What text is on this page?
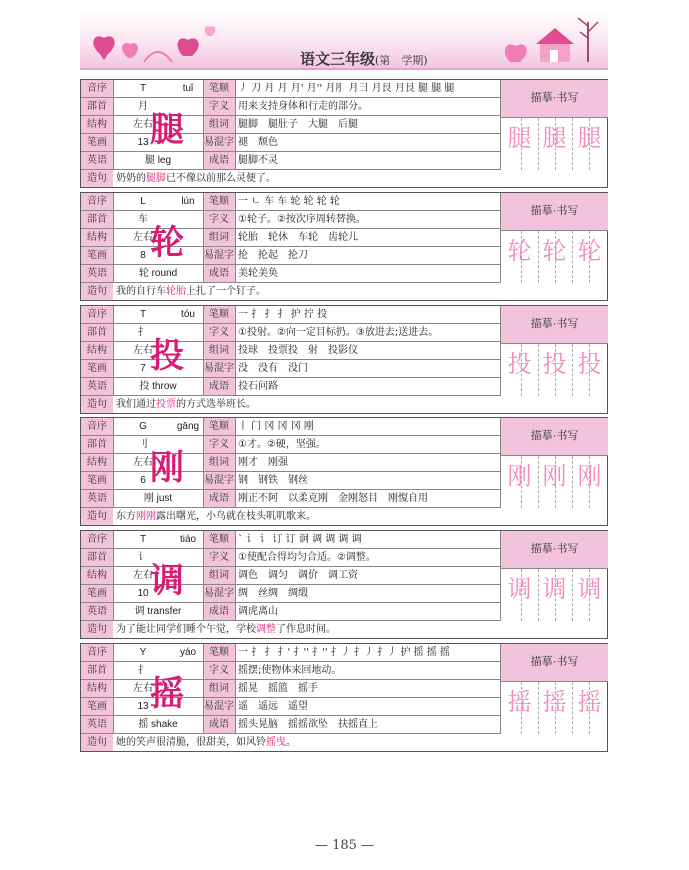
语文三年级(第　 学期)
音序	T	tuǐ	笔顺 丿 刀 月 月 月' 月'' 月⺼ 月彐 月艮 月艮 腿 腿 腿
部首	月	字义 用来支持身体和行走的部分。
结构	左右	组词 腿脚　腿肚子　大腿　后腿
笔画	13	易混字 褪　颓色
英语	腿 leg	成语 腿脚不灵
造句 奶奶的腿脚已不像以前那么灵便了。
腿
描摹·书写
腿 腿 腿
音序	L	lún	笔顺 一 ㄴ 车 车 轮 轮 轮 轮
部首	车	字义 ①轮子。②按次序周转替换。
结构	左右	组词 轮胎　轮休　车轮　齿轮儿
笔画	8	易混字 抡　抡起　抡刀
英语	轮 round	成语 美轮美奂
造句 我的自行车轮胎上扎了一个钉子。
轮
描摹·书写
轮 轮 轮
音序	T	tóu	笔顺 一 扌 扌 扌 护 拧 投
部首	扌	字义 ①投射。②向一定目标扔。③放进去;送进去。
结构	左右	组词 投球　投票投　射　投影仪
笔画	7	易混字 没　没有　没门
英语	投 throw	成语 投石问路
造句 我们通过投票的方式选举班长。
投
描摹·书写
投 投 投
音序	G	gāng 笔顺 丨 门 冈 冈 冈 刚
部首	刂	字义 ①才。②硬，坚强。
结构	左右	组词 刚才　刚强
笔画	6	易混字 钢　钢铁　钢丝
英语	刚 just	成语 刚正不阿　以柔克刚　金刚怒目　刚愎自用
造句 东方刚刚露出曙光，小鸟就在枝头叽叽歌来。
刚
描摹·书写
刚 刚 刚
音序	T	tiáo	笔顺 ` 讠 讠 订 订 诇 调 调 调 调
部首	讠	字义 ①使配合得均匀合适。②调整。
结构	左右	组词 调色　调匀　调价　调工资
笔画	10	易混字 绸　丝绸　绸缎
英语	调 transfer	成语 调虎离山
造句 为了能让同学们睡个午觉，学校调整了作息时间。
调
描摹·书写
调 调 调
音序	Y	yáo	笔顺 一 扌 扌 扌' 扌'' 扌'' 扌丿 扌丿 扌丿 护 摇 摇 摇
部首	扌	字义 摇摆;使物体来回地动。
结构	左右	组词 摇晃　摇篮　摇手
笔画	13	易混字 遥　遥远　遥望
英语	摇 shake	成语 摇头晃脑　摇摇欲坠　扶摇直上
造句 她的笑声很清脆，很甜美，如风铃摇曳。
摇
描摹·书写
摇 摇 摇
— 185 —
